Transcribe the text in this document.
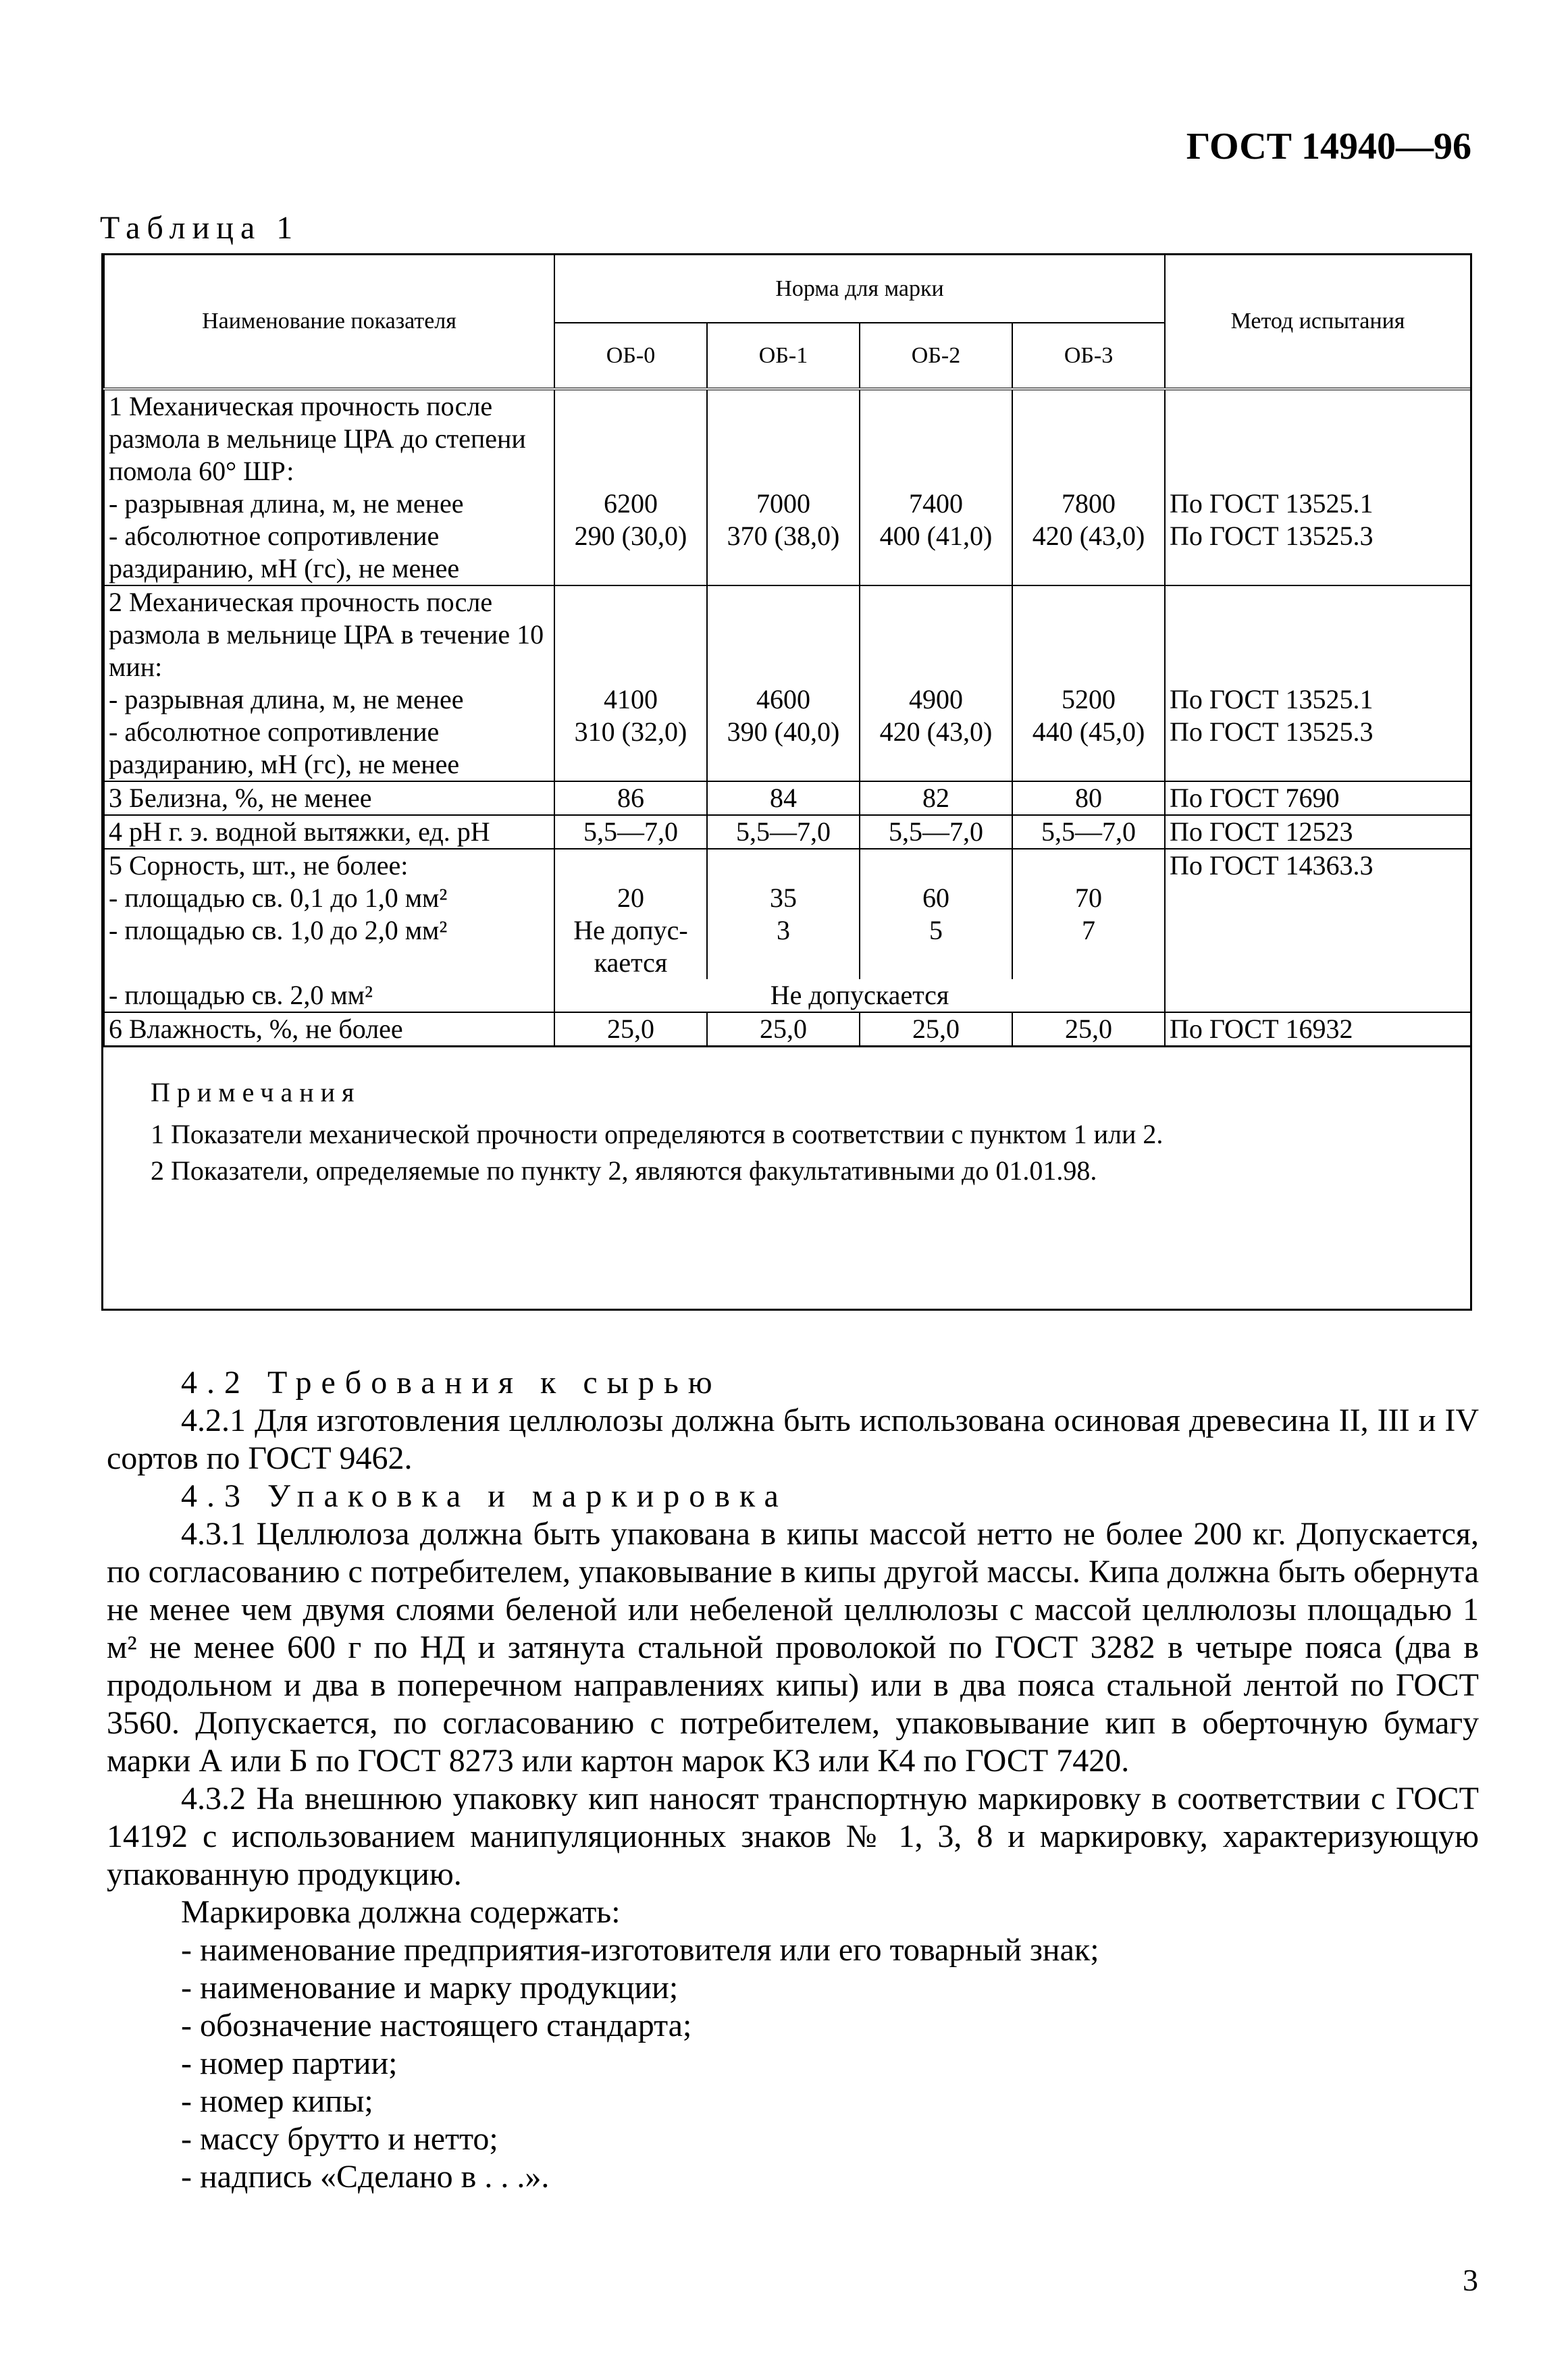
ГОСТ 14940—96
Таблица 1
Наименование показателя	Норма для марки				Метод испытания
	ОБ-0	ОБ-1	ОБ-2	ОБ-3	
1 Механическая прочность после размола в мельнице ЦРА до степени помола 60° ШР:					
- разрывная длина, м, не менее	6200	7000	7400	7800	По ГОСТ 13525.1
- абсолютное сопротивление раздиранию, мН (гс), не менее	290 (30,0)	370 (38,0)	400 (41,0)	420 (43,0)	По ГОСТ 13525.3
2 Механическая прочность после размола в мельнице ЦРА в течение 10 мин:					
- разрывная длина, м, не менее	4100	4600	4900	5200	По ГОСТ 13525.1
- абсолютное сопротивление раздиранию, мН (гс), не менее	310 (32,0)	390 (40,0)	420 (43,0)	440 (45,0)	По ГОСТ 13525.3
3 Белизна, %, не менее	86	84	82	80	По ГОСТ 7690
4 pH г. э. водной вытяжки, ед. pH	5,5—7,0	5,5—7,0	5,5—7,0	5,5—7,0	По ГОСТ 12523
5 Сорность, шт., не более:					По ГОСТ 14363.3
- площадью св. 0,1 до 1,0 мм²	20	35	60	70	
- площадью св. 1,0 до 2,0 мм²	Не допус- кается	3	5	7	
- площадью св. 2,0 мм²	Не допускается				
6 Влажность, %, не более	25,0	25,0	25,0	25,0	По ГОСТ 16932
Примечания
1 Показатели механической прочности определяются в соответствии с пунктом 1 или 2.
2 Показатели, определяемые по пункту 2, являются факультативными до 01.01.98.

4.2 Требования к сырью

4.2.1 Для изготовления целлюлозы должна быть использована осиновая древесина II, III и IV сортов по ГОСТ 9462.

4.3 Упаковка и маркировка

4.3.1 Целлюлоза должна быть упакована в кипы массой нетто не более 200 кг. Допускается, по согласованию с потребителем, упаковывание в кипы другой массы. Кипа должна быть обернута не менее чем двумя слоями беленой или небеленой целлюлозы с массой целлюлозы площадью 1 м² не менее 600 г по НД и затянута стальной проволокой по ГОСТ 3282 в четыре пояса (два в продольном и два в поперечном направлениях кипы) или в два пояса стальной лентой по ГОСТ 3560. Допускается, по согласованию с потребителем, упаковывание кип в оберточную бумагу марки А или Б по ГОСТ 8273 или картон марок К3 или К4 по ГОСТ 7420.

4.3.2 На внешнюю упаковку кип наносят транспортную маркировку в соответствии с ГОСТ 14192 с использованием манипуляционных знаков № 1, 3, 8 и маркировку, характеризующую упакованную продукцию.

Маркировка должна содержать:

- наименование предприятия-изготовителя или его товарный знак;
- наименование и марку продукции;
- обозначение настоящего стандарта;
- номер партии;
- номер кипы;
- массу брутто и нетто;
- надпись «Сделано в . . .».
3
